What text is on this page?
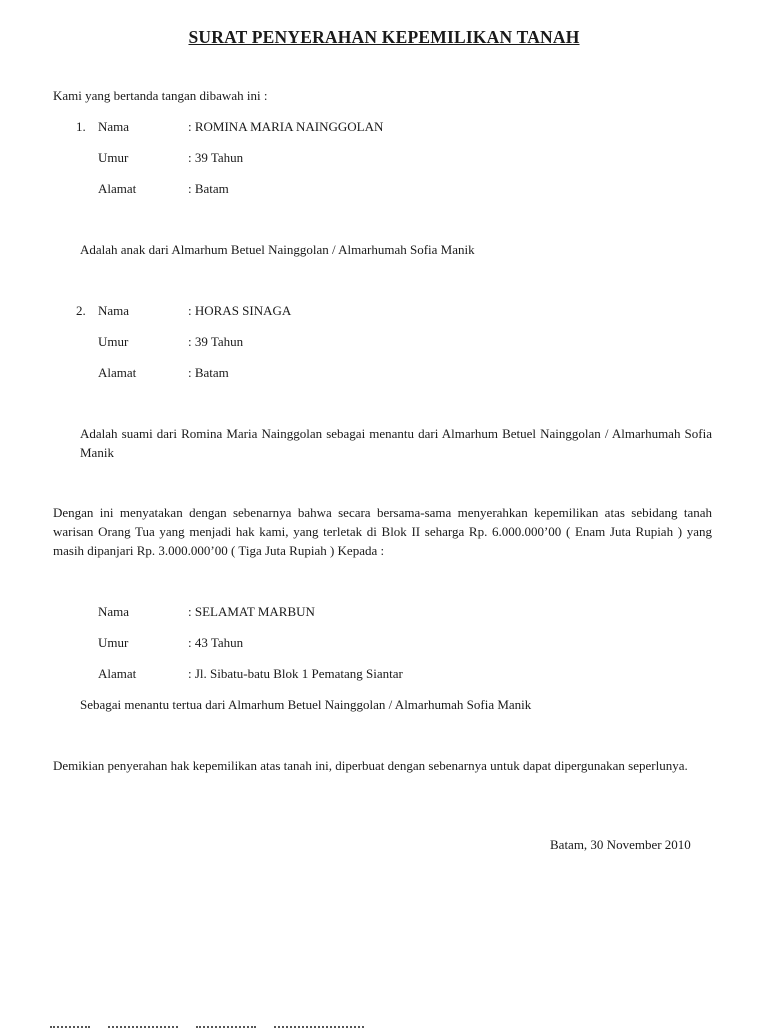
SURAT PENYERAHAN KEPEMILIKAN TANAH
Kami yang bertanda tangan dibawah ini :
1. Nama	: ROMINA MARIA NAINGGOLAN
Umur	: 39 Tahun
Alamat	: Batam
Adalah anak dari Almarhum Betuel Nainggolan / Almarhumah Sofia Manik
2. Nama	: HORAS SINAGA
Umur	: 39 Tahun
Alamat	: Batam
Adalah suami dari Romina Maria Nainggolan sebagai menantu dari Almarhum Betuel Nainggolan / Almarhumah Sofia Manik
Dengan ini menyatakan dengan sebenarnya bahwa secara bersama-sama menyerahkan kepemilikan atas sebidang tanah warisan Orang Tua yang menjadi hak kami, yang terletak di Blok II seharga Rp. 6.000.000’00 ( Enam Juta Rupiah ) yang masih dipanjari Rp. 3.000.000’00 ( Tiga Juta Rupiah ) Kepada :
Nama	: SELAMAT MARBUN
Umur	: 43 Tahun
Alamat	: Jl. Sibatu-batu Blok 1 Pematang Siantar
Sebagai menantu tertua dari Almarhum Betuel Nainggolan / Almarhumah Sofia Manik
Demikian penyerahan hak kepemilikan atas tanah ini, diperbuat dengan sebenarnya untuk dapat dipergunakan seperlunya.
Batam, 30 November 2010
